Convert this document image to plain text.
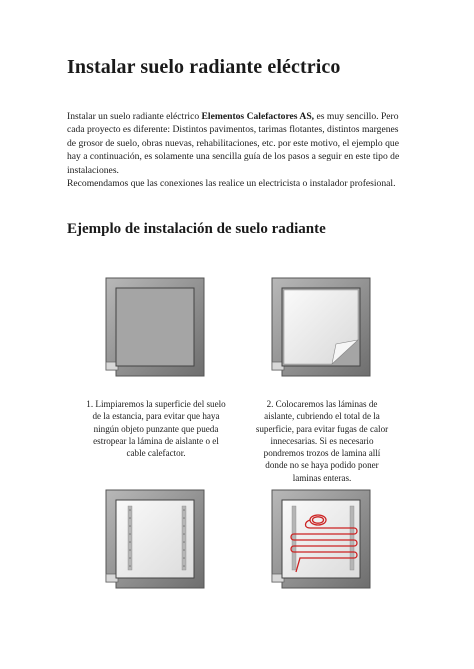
Instalar suelo radiante eléctrico

Instalar un suelo radiante eléctrico Elementos Calefactores AS, es muy sencillo. Pero cada proyecto es diferente: Distintos pavimentos, tarimas flotantes, distintos margenes de grosor de suelo, obras nuevas, rehabilitaciones, etc. por este motivo, el ejemplo que hay a continuación, es solamente una sencilla guía de los pasos a seguir en este tipo de instalaciones.

Recomendamos que las conexiones las realice un electricista o instalador profesional.

Ejemplo de instalación de suelo radiante

1. Limpiaremos la superficie del suelo de la estancia, para evitar que haya ningún objeto punzante que pueda estropear la lámina de aislante o el cable calefactor.

2. Colocaremos las láminas de aislante, cubriendo el total de la superficie, para evitar fugas de calor innecesarias. Si es necesario pondremos trozos de lamina allí donde no se haya podido poner laminas enteras.
